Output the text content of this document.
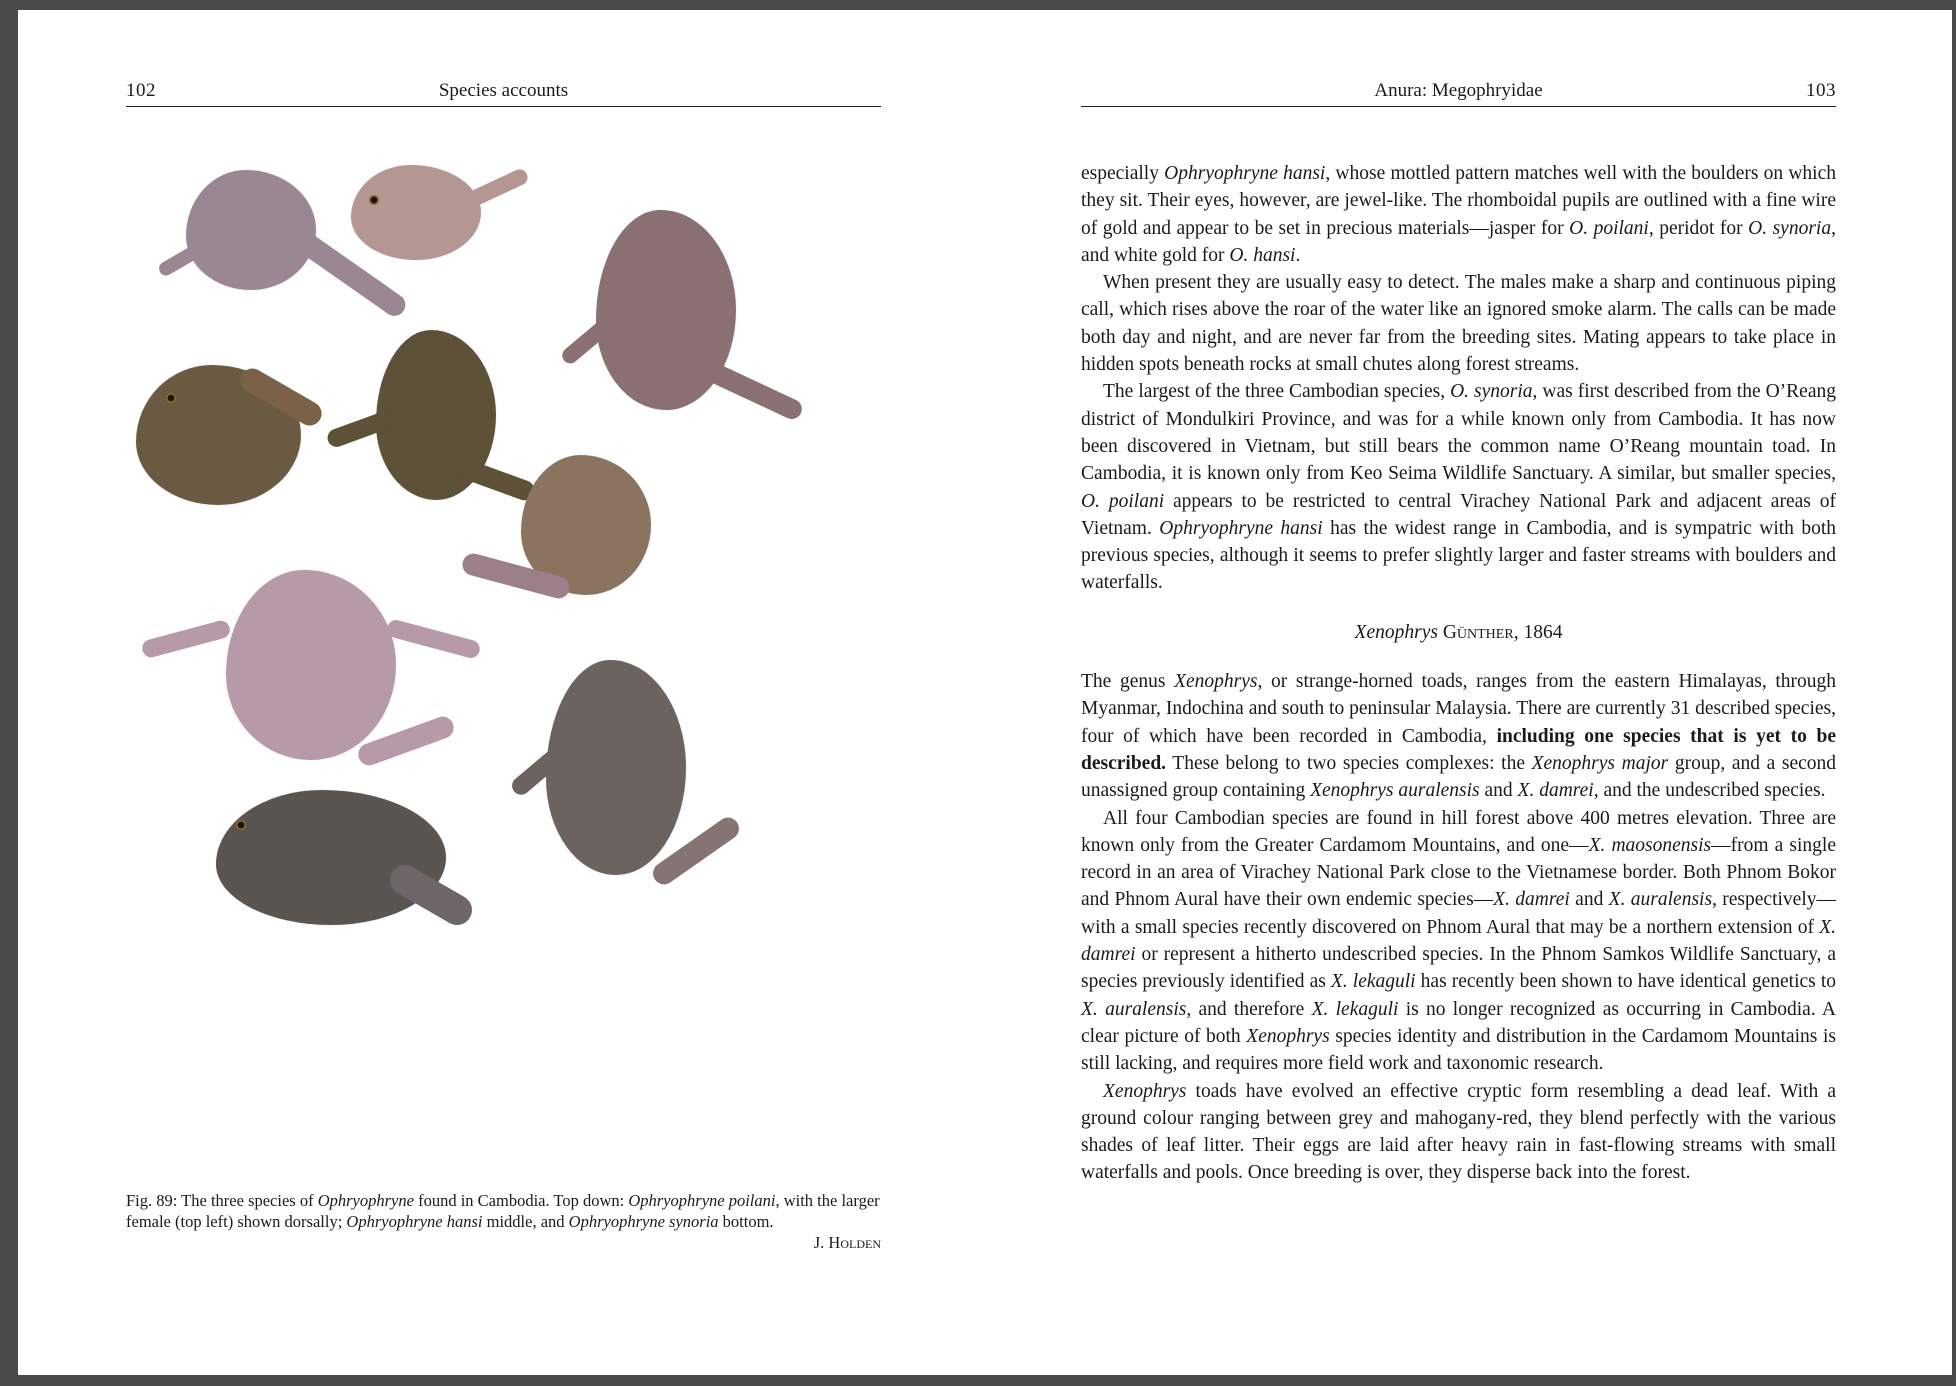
102	Species accounts
Fig. 89: The three species of Ophryophryne found in Cambodia. Top down: Ophryophryne poilani, with the larger female (top left) shown dorsally; Ophryophryne hansi middle, and Ophryophryne synoria bottom.
J. Holden
Anura: Megophryidae	103

especially Ophryophryne hansi, whose mottled pattern matches well with the boulders on which they sit. Their eyes, however, are jewel-like. The rhomboidal pupils are outlined with a fine wire of gold and appear to be set in precious materials—jasper for O. poilani, peridot for O. synoria, and white gold for O. hansi.

When present they are usually easy to detect. The males make a sharp and continuous piping call, which rises above the roar of the water like an ignored smoke alarm. The calls can be made both day and night, and are never far from the breeding sites. Mating appears to take place in hidden spots beneath rocks at small chutes along forest streams.

The largest of the three Cambodian species, O. synoria, was first described from the O’Reang district of Mondulkiri Province, and was for a while known only from Cambodia. It has now been discovered in Vietnam, but still bears the common name O’Reang mountain toad. In Cambodia, it is known only from Keo Seima Wildlife Sanctuary. A similar, but smaller species, O. poilani appears to be restricted to central Virachey National Park and adjacent areas of Vietnam. Ophryophryne hansi has the widest range in Cambodia, and is sympatric with both previous species, although it seems to prefer slightly larger and faster streams with boulders and waterfalls.

Xenophrys Günther, 1864

The genus Xenophrys, or strange-horned toads, ranges from the eastern Himalayas, through Myanmar, Indochina and south to peninsular Malaysia. There are currently 31 described species, four of which have been recorded in Cambodia, including one species that is yet to be described. These belong to two species complexes: the Xenophrys major group, and a second unassigned group containing Xenophrys auralensis and X. damrei, and the undescribed species.

All four Cambodian species are found in hill forest above 400 metres elevation. Three are known only from the Greater Cardamom Mountains, and one—X. maosonensis—from a single record in an area of Virachey National Park close to the Vietnamese border. Both Phnom Bokor and Phnom Aural have their own endemic species—X. damrei and X. auralensis, respectively—with a small species recently discovered on Phnom Aural that may be a northern extension of X. damrei or represent a hitherto undescribed species. In the Phnom Samkos Wildlife Sanctuary, a species previously identified as X. lekaguli has recently been shown to have identical genetics to X. auralensis, and therefore X. lekaguli is no longer recognized as occurring in Cambodia. A clear picture of both Xenophrys species identity and distribution in the Cardamom Mountains is still lacking, and requires more field work and taxonomic research.

Xenophrys toads have evolved an effective cryptic form resembling a dead leaf. With a ground colour ranging between grey and mahogany-red, they blend perfectly with the various shades of leaf litter. Their eggs are laid after heavy rain in fast-flowing streams with small waterfalls and pools. Once breeding is over, they disperse back into the forest.
